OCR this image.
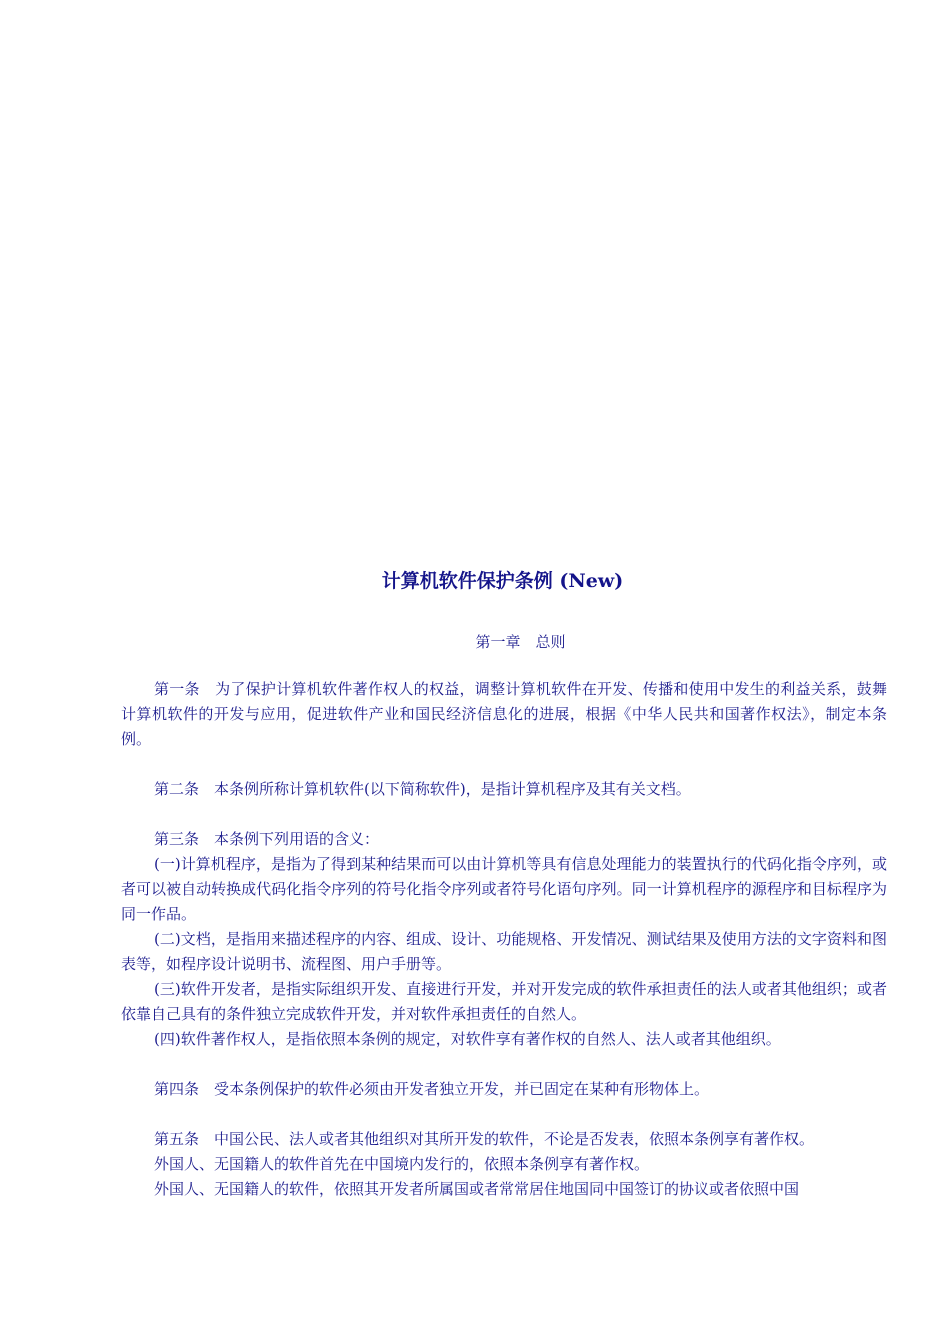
计算机软件保护条例 (New)
第一章　总则

第一条　为了保护计算机软件著作权人的权益，调整计算机软件在开发、传播和使用中发生的利益关系，鼓舞计算机软件的开发与应用，促进软件产业和国民经济信息化的进展，根据《中华人民共和国著作权法》，制定本条例。

第二条　本条例所称计算机软件(以下简称软件)，是指计算机程序及其有关文档。

第三条　本条例下列用语的含义：

(一)计算机程序，是指为了得到某种结果而可以由计算机等具有信息处理能力的装置执行的代码化指令序列，或者可以被自动转换成代码化指令序列的符号化指令序列或者符号化语句序列。同一计算机程序的源程序和目标程序为同一作品。

(二)文档，是指用来描述程序的内容、组成、设计、功能规格、开发情况、测试结果及使用方法的文字资料和图表等，如程序设计说明书、流程图、用户手册等。

(三)软件开发者，是指实际组织开发、直接进行开发，并对开发完成的软件承担责任的法人或者其他组织；或者依靠自己具有的条件独立完成软件开发，并对软件承担责任的自然人。

(四)软件著作权人，是指依照本条例的规定，对软件享有著作权的自然人、法人或者其他组织。

第四条　受本条例保护的软件必须由开发者独立开发，并已固定在某种有形物体上。

第五条　中国公民、法人或者其他组织对其所开发的软件，不论是否发表，依照本条例享有著作权。

外国人、无国籍人的软件首先在中国境内发行的，依照本条例享有著作权。

外国人、无国籍人的软件，依照其开发者所属国或者常常居住地国同中国签订的协议或者依照中国
